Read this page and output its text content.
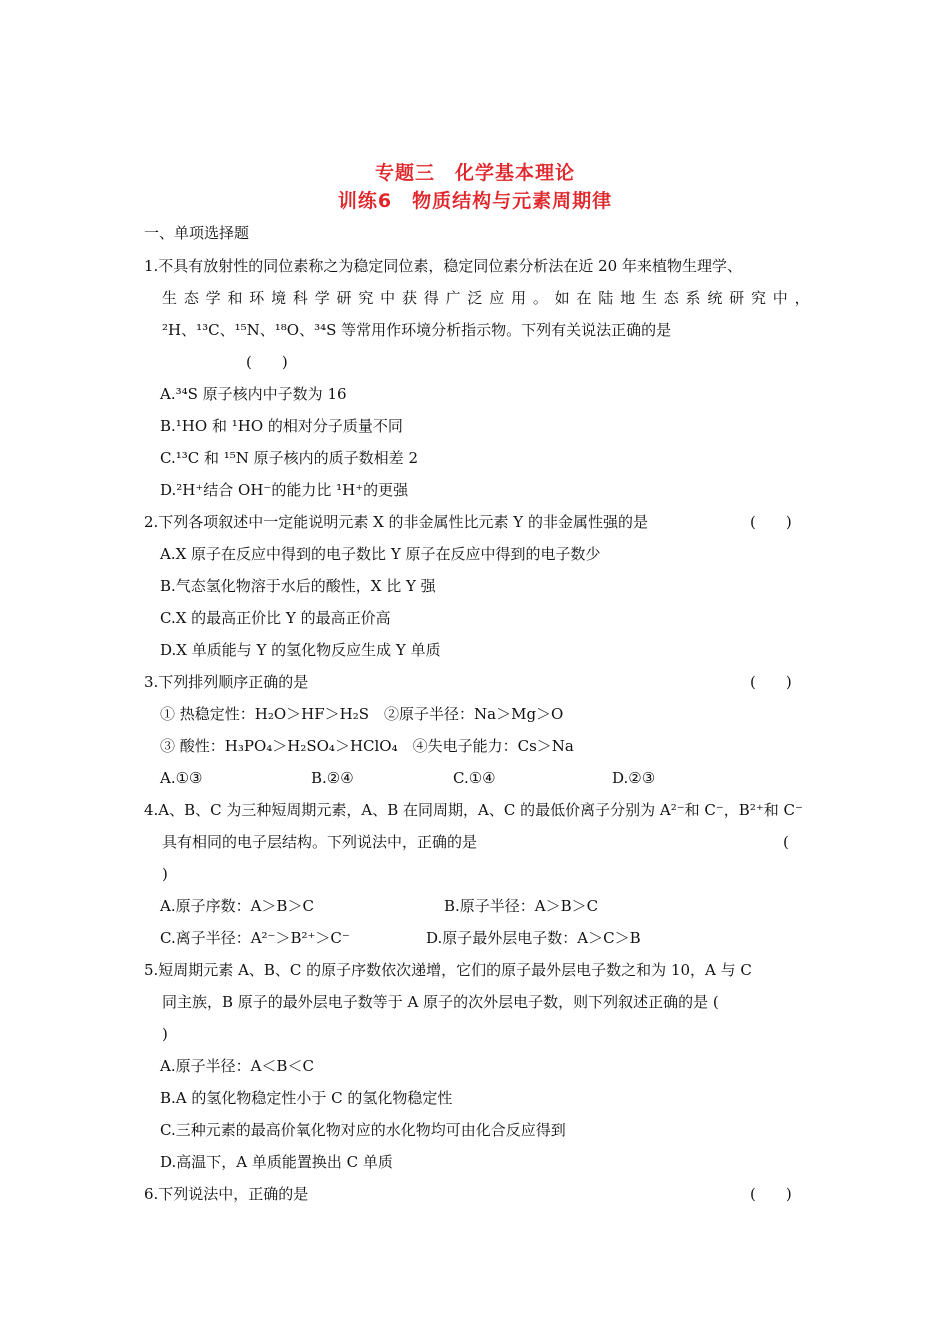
专题三　化学基本理论
训练6　物质结构与元素周期律
一、单项选择题
1.不具有放射性的同位素称之为稳定同位素，稳定同位素分析法在近 20 年来植物生理学、
生 态 学 和 环 境 科 学 研 究 中 获 得 广 泛 应 用 。 如 在 陆 地 生 态 系 统 研 究 中 ，
²H、¹³C、¹⁵N、¹⁸O、³⁴S 等常用作环境分析指示物。下列有关说法正确的是
(　　)
A.³⁴S 原子核内中子数为 16
B.¹HO 和 ¹HO 的相对分子质量不同
C.¹³C 和 ¹⁵N 原子核内的质子数相差 2
D.²H⁺结合 OH⁻的能力比 ¹H⁺的更强
2.下列各项叙述中一定能说明元素 X 的非金属性比元素 Y 的非金属性强的是	(　　)
A.X 原子在反应中得到的电子数比 Y 原子在反应中得到的电子数少
B.气态氢化物溶于水后的酸性，X 比 Y 强
C.X 的最高正价比 Y 的最高正价高
D.X 单质能与 Y 的氢化物反应生成 Y 单质
3.下列排列顺序正确的是	(　　)
① 热稳定性：H₂O＞HF＞H₂S　②原子半径：Na＞Mg＞O
③ 酸性：H₃PO₄＞H₂SO₄＞HClO₄　④失电子能力：Cs＞Na
A.①③	B.②④	C.①④	D.②③
4.A、B、C 为三种短周期元素，A、B 在同周期，A、C 的最低价离子分别为 A²⁻和 C⁻，B²⁺和 C⁻
具有相同的电子层结构。下列说法中，正确的是	(
)
A.原子序数：A＞B＞C	B.原子半径：A＞B＞C
C.离子半径：A²⁻＞B²⁺＞C⁻	D.原子最外层电子数：A＞C＞B
5.短周期元素 A、B、C 的原子序数依次递增，它们的原子最外层电子数之和为 10，A 与 C
同主族，B 原子的最外层电子数等于 A 原子的次外层电子数，则下列叙述正确的是 (
)
A.原子半径：A＜B＜C
B.A 的氢化物稳定性小于 C 的氢化物稳定性
C.三种元素的最高价氧化物对应的水化物均可由化合反应得到
D.高温下，A 单质能置换出 C 单质
6.下列说法中，正确的是	(　　)
